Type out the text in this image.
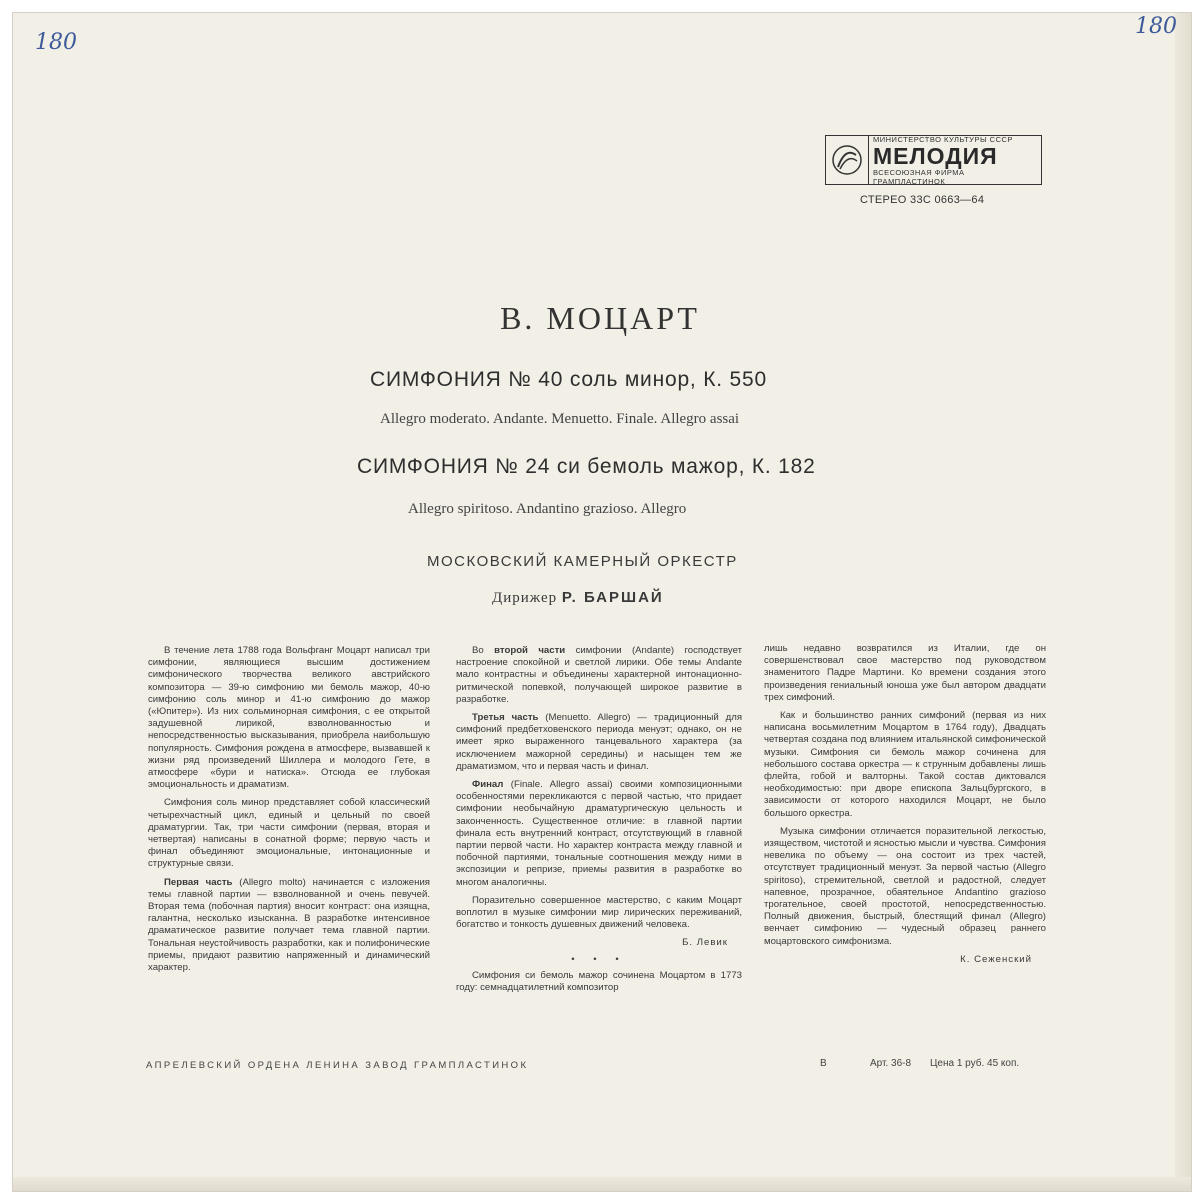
180
180
МИНИСТЕРСТВО КУЛЬТУРЫ СССР
МЕЛОДИЯ
ВСЕСОЮЗНАЯ ФИРМА ГРАМПЛАСТИНОК
СТЕРЕО 33С 0663—64
В. МОЦАРТ
СИМФОНИЯ № 40 соль минор, К. 550
Allegro moderato. Andante. Menuetto. Finale. Allegro assai
СИМФОНИЯ № 24 си бемоль мажор, К. 182
Allegro spiritoso. Andantino grazioso. Allegro
МОСКОВСКИЙ КАМЕРНЫЙ ОРКЕСТР
Дирижер Р. БАРШАЙ

В течение лета 1788 года Вольфганг Моцарт написал три симфонии, являющиеся высшим достижением симфонического творчества великого австрийского композитора — 39-ю симфонию ми бемоль мажор, 40-ю симфонию соль минор и 41-ю симфонию до мажор («Юпитер»). Из них сольминорная симфония, с ее открытой задушевной лирикой, взволнованностью и непосредственностью высказывания, приобрела наибольшую популярность. Симфония рождена в атмосфере, вызвавшей к жизни ряд произведений Шиллера и молодого Гете, в атмосфере «бури и натиска». Отсюда ее глубокая эмоциональность и драматизм.

Симфония соль минор представляет собой классический четырехчастный цикл, единый и цельный по своей драматургии. Так, три части симфонии (первая, вторая и четвертая) написаны в сонатной форме; первую часть и финал объединяют эмоциональные, интонационные и структурные связи.

Первая часть (Allegro molto) начинается с изложения темы главной партии — взволнованной и очень певучей. Вторая тема (побочная партия) вносит контраст: она изящна, галантна, несколько изысканна. В разработке интенсивное драматическое развитие получает тема главной партии. Тональная неустойчивость разработки, как и полифонические приемы, придают развитию напряженный и динамический характер.

Во второй части симфонии (Andante) господствует настроение спокойной и светлой лирики. Обе темы Andante мало контрастны и объединены характерной интонационно-ритмической попевкой, получающей широкое развитие в разработке.

Третья часть (Menuetto. Allegro) — традиционный для симфоний предбетховенского периода менуэт; однако, он не имеет ярко выраженного танцевального характера (за исключением мажорной середины) и насыщен тем же драматизмом, что и первая часть и финал.

Финал (Finale. Allegro assai) своими композиционными особенностями перекликаются с первой частью, что придает симфонии необычайную драматургическую цельность и законченность. Существенное отличие: в главной партии финала есть внутренний контраст, отсутствующий в главной партии первой части. Но характер контраста между главной и побочной партиями, тональные соотношения между ними в экспозиции и репризе, приемы развития в разработке во многом аналогичны.

Поразительно совершенное мастерство, с каким Моцарт воплотил в музыке симфонии мир лирических переживаний, богатство и тонкость душевных движений человека.

Б. Левик
• • •

Симфония си бемоль мажор сочинена Моцартом в 1773 году: семнадцатилетний композитор

лишь недавно возвратился из Италии, где он совершенствовал свое мастерство под руководством знаменитого Падре Мартини. Ко времени создания этого произведения гениальный юноша уже был автором двадцати трех симфоний.

Как и большинство ранних симфоний (первая из них написана восьмилетним Моцартом в 1764 году), Двадцать четвертая создана под влиянием итальянской симфонической музыки. Симфония си бемоль мажор сочинена для небольшого состава оркестра — к струнным добавлены лишь флейта, гобой и валторны. Такой состав диктовался необходимостью: при дворе епископа Зальцбургского, в зависимости от которого находился Моцарт, не было большого оркестра.

Музыка симфонии отличается поразительной легкостью, изяществом, чистотой и ясностью мысли и чувства. Симфония невелика по объему — она состоит из трех частей, отсутствует традиционный менуэт. За первой частью (Allegro spiritoso), стремительной, светлой и радостной, следует напевное, прозрачное, обаятельное Andantino grazioso трогательное, своей простотой, непосредственностью. Полный движения, быстрый, блестящий финал (Allegro) венчает симфонию — чудесный образец раннего моцартовского симфонизма.

К. Сеженский
АПРЕЛЕВСКИЙ ОРДЕНА ЛЕНИНА ЗАВОД ГРАМПЛАСТИНОК	В	Арт. 36-8 Цена 1 руб. 45 коп.
